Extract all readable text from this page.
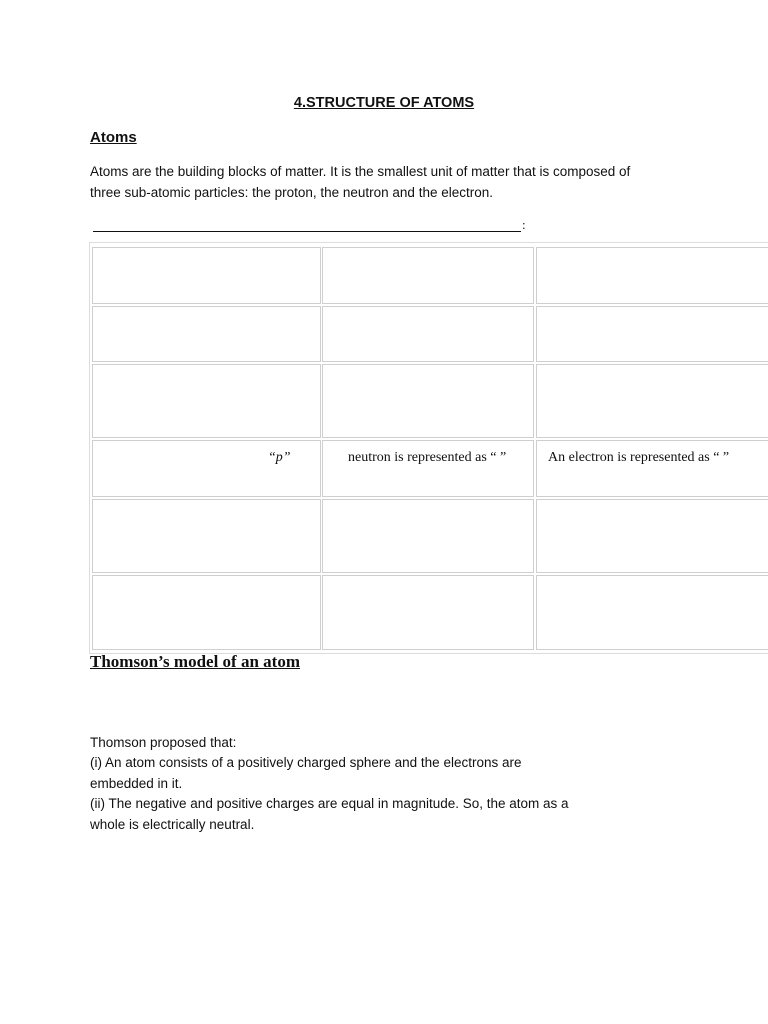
4.STRUCTURE OF ATOMS
Atoms

Atoms are the building blocks of matter. It is the smallest unit of matter that is composed of

three sub-atomic particles: the proton, the neutron and the electron.

:
“p”	neutron is represented as “ ”	An electron is represented as “ ”
Thomson’s model of an atom

Thomson proposed that:

(i) An atom consists of a positively charged sphere and the electrons are

embedded in it.

(ii) The negative and positive charges are equal in magnitude. So, the atom as a

whole is electrically neutral.
